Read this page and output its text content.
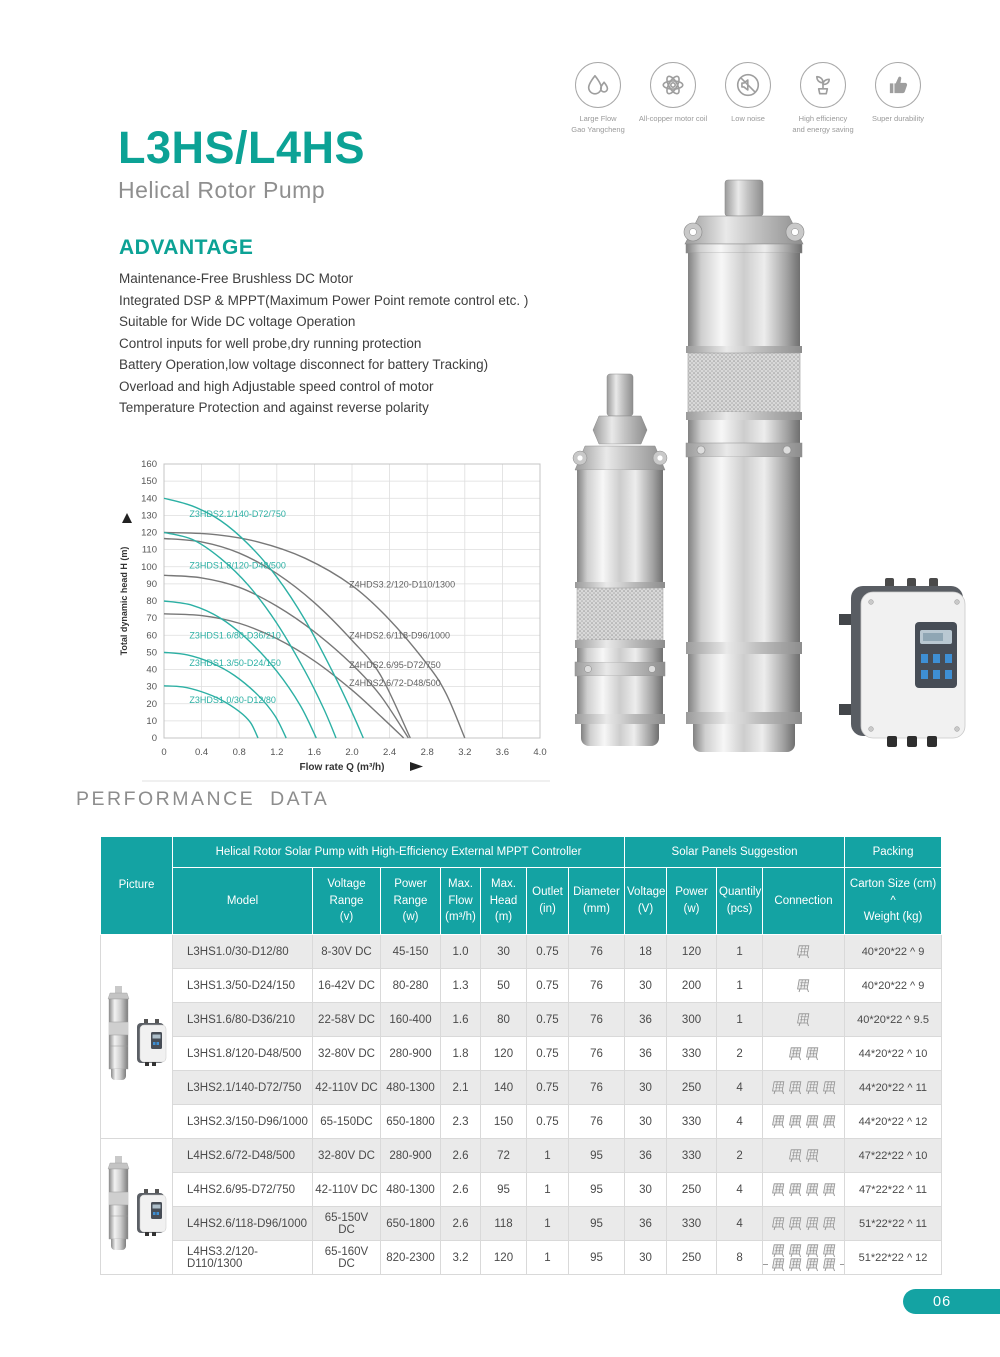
Large Flow
Gao Yangcheng
All-copper motor coil	Low noise	High efficiency
and energy saving
Super durability
L3HS/L4HS
Helical Rotor Pump
ADVANTAGE
Maintenance-Free Brushless DC Motor
Integrated DSP & MPPT(Maximum Power Point remote control etc. )
Suitable for Wide DC voltage Operation
Control inputs for well probe,dry running protection
Battery Operation,low voltage disconnect for battery Tracking)
Overload and high Adjustable speed control of motor
Temperature Protection and against reverse polarity
0	0.4	0.8	1.2	1.6	2.0	2.4	2.8	3.2	3.6	4.0
0
10
20
30
40
50
60
70
80
90
100
110
120
130
140
150
160
Total dynamic head H (m)
Flow rate Q (m³/h)
Z4HDS3.2/120-D110/1300
Z4HDS2.6/118-D96/1000
Z4HDS2.6/95-D72/750
Z4HDS2.6/72-D48/500
Z3HDS2.1/140-D72/750
Z3HDS1.8/120-D48/500
Z3HDS1.6/80-D36/210
Z3HDS1.3/50-D24/150
Z3HDS1.0/30-D12/80
PERFORMANCE DATA
Picture	Helical Rotor Solar Pump with High-Efficiency External MPPT Controller							Solar Panels Suggestion				Packing
	Model	Voltage
Range
(v)	Power
Range
(w)	Max.
Flow
(m³/h)	Max.
Head
(m)	Outlet
(in)	Diameter
(mm)	Voltage
(V)	Power
(w)	Quantily
(pcs)	Connection	Carton Size (cm) ^
Weight (kg)
	L3HS1.0/30-D12/80	8-30V DC	45-150	1.0	30	0.75	76	18	120	1		40*20*22 ^ 9
	L3HS1.3/50-D24/150	16-42V DC	80-280	1.3	50	0.75	76	30	200	1		40*20*22 ^ 9
	L3HS1.6/80-D36/210	22-58V DC	160-400	1.6	80	0.75	76	36	300	1		40*20*22 ^ 9.5
	L3HS1.8/120-D48/500	32-80V DC	280-900	1.8	120	0.75	76	36	330	2		44*20*22 ^ 10
	L3HS2.1/140-D72/750	42-110V DC	480-1300	2.1	140	0.75	76	30	250	4		44*20*22 ^ 11
	L3HS2.3/150-D96/1000	65-150DC	650-1800	2.3	150	0.75	76	30	330	4		44*20*22 ^ 12
	L4HS2.6/72-D48/500	32-80V DC	280-900	2.6	72	1	95	36	330	2		47*22*22 ^ 10
	L4HS2.6/95-D72/750	42-110V DC	480-1300	2.6	95	1	95	30	250	4		47*22*22 ^ 11
	L4HS2.6/118-D96/1000	65-150V DC	650-1800	2.6	118	1	95	36	330	4		51*22*22 ^ 11
	L4HS3.2/120-D110/1300	65-160V DC	820-2300	3.2	120	1	95	30	250	8		51*22*22 ^ 12
06
